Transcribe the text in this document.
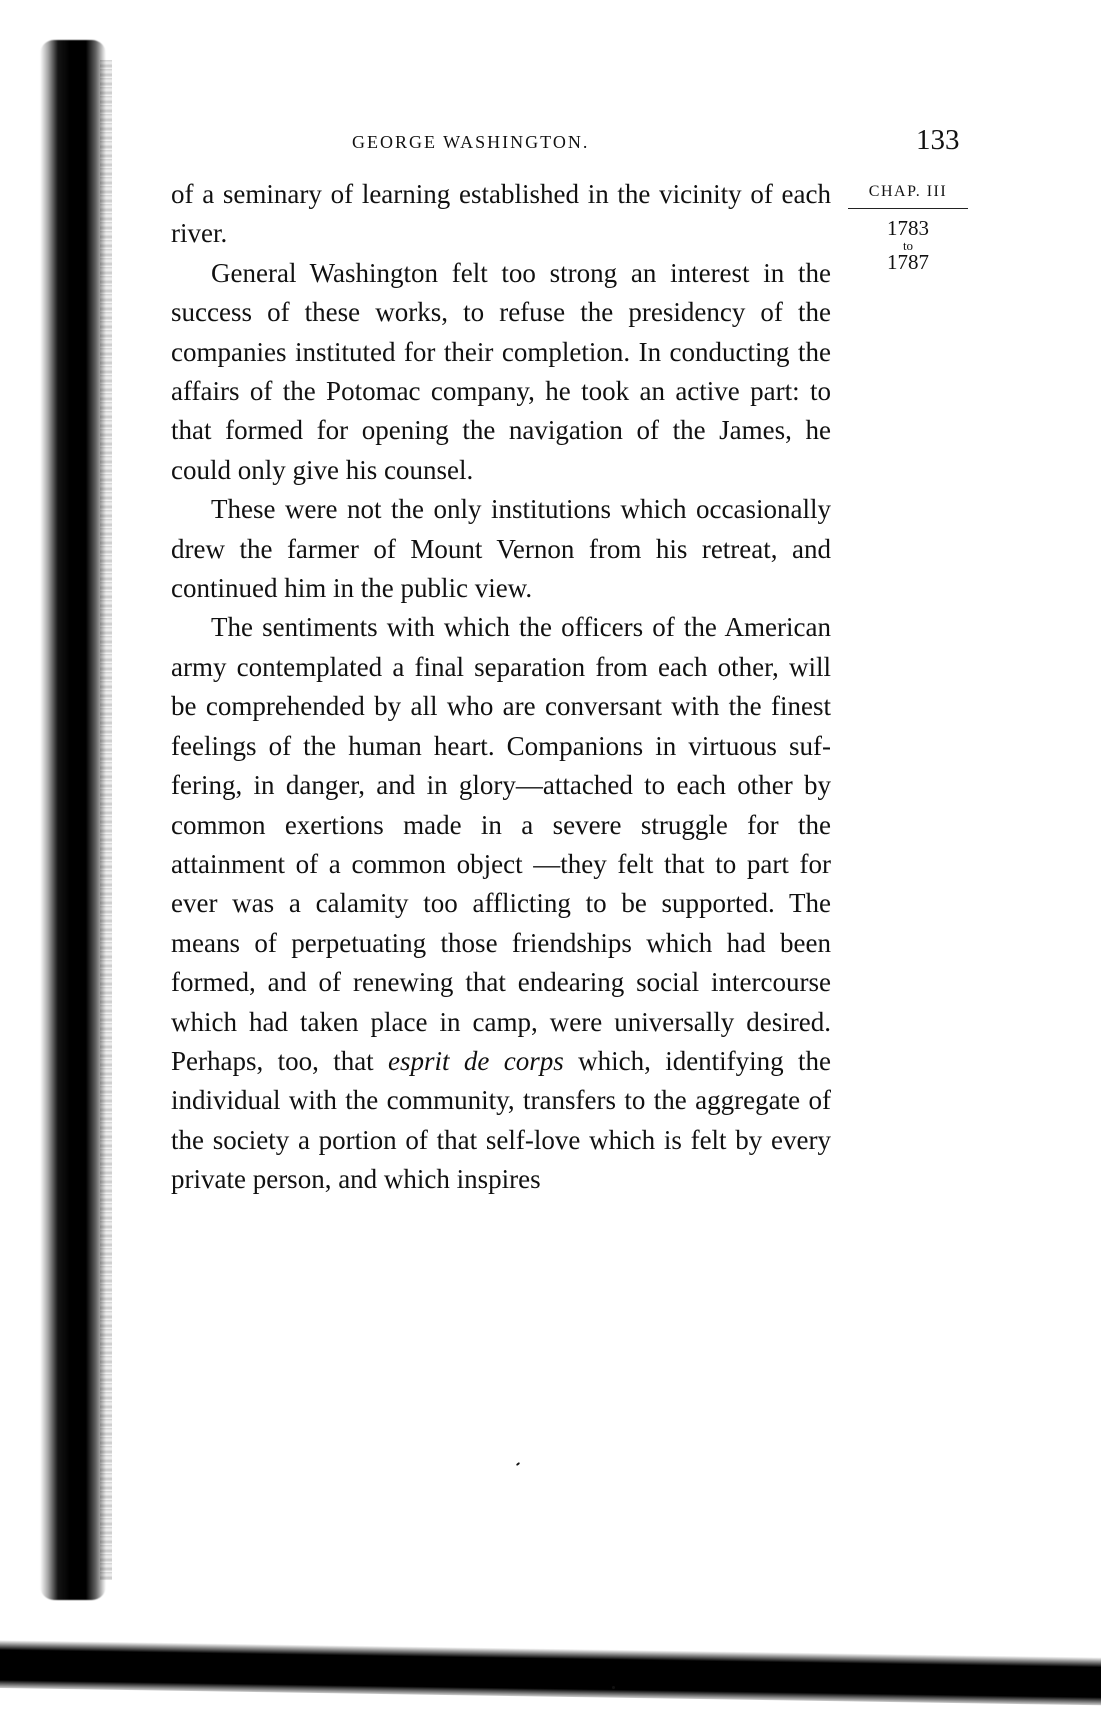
GEORGE WASHINGTON.	133
CHAP. III
1783
to
1787

of a seminary of learning established in the vicinity of each river.

General Washington felt too strong an interest in the success of these works, to refuse the presidency of the companies instituted for their completion. In conducting the affairs of the Potomac company, he took an active part: to that formed for opening the navigation of the James, he could only give his counsel.

These were not the only institutions which occasionally drew the farmer of Mount Vernon from his retreat, and continued him in the public view.

The sentiments with which the officers of the American army contemplated a final separation from each other, will be comprehended by all who are conversant with the finest feelings of the human heart. Companions in virtuous suffering, in danger, and in glory—attached to each other by common exertions made in a severe struggle for the attainment of a common object —they felt that to part for ever was a calamity too afflicting to be supported. The means of perpetuating those friendships which had been formed, and of renewing that endearing social intercourse which had taken place in camp, were universally desired. Perhaps, too, that esprit de corps which, identifying the individual with the community, transfers to the aggregate of the society a portion of that self-love which is felt by every private person, and which inspires
